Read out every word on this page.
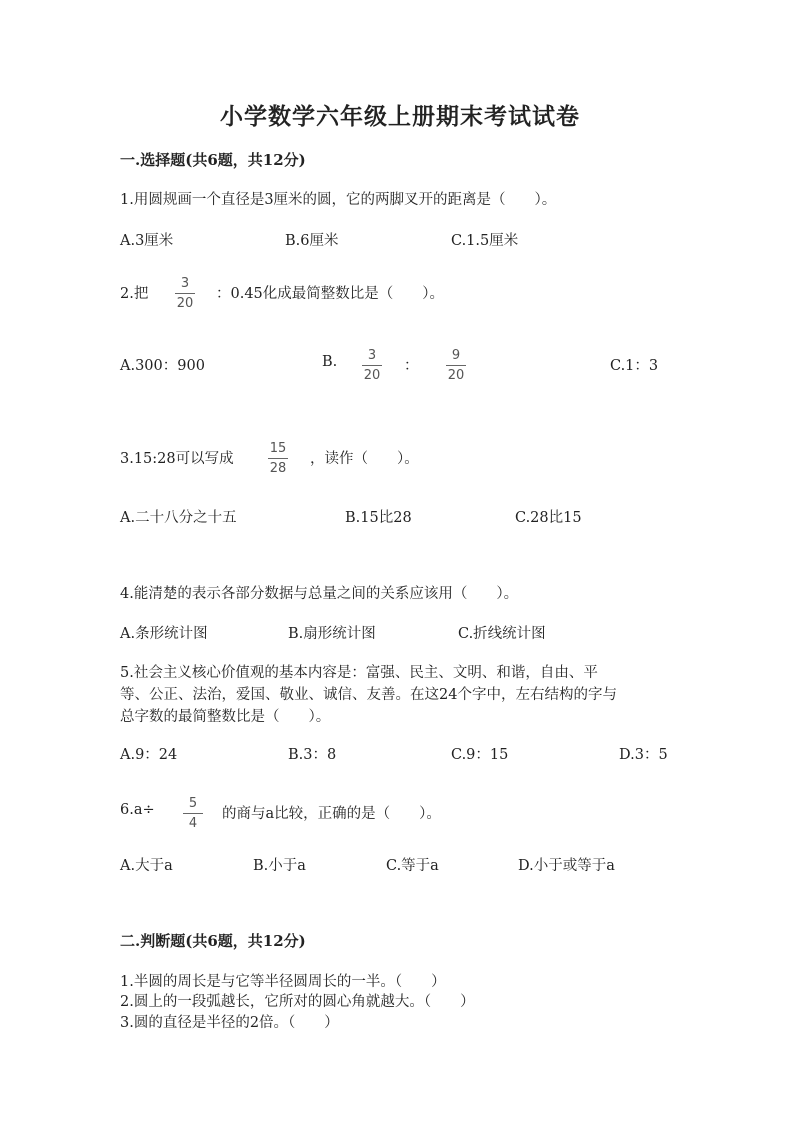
小学数学六年级上册期末考试试卷
一.选择题(共6题，共12分)
1.用圆规画一个直径是3厘米的圆，它的两脚叉开的距离是（　　）。
A.3厘米	B.6厘米	C.1.5厘米
2.把
3
20
：0.45化成最简整数比是（　　）。
A.300：900	B. 3
20
：
9
20
C.1：3
3.15:28可以写成
15
28
，读作（　　）。
A.二十八分之十五	B.15比28	C.28比15
4.能清楚的表示各部分数据与总量之间的关系应该用（　　）。
A.条形统计图	B.扇形统计图	C.折线统计图
5.社会主义核心价值观的基本内容是：富强、民主、文明、和谐，自由、平
等、公正、法治，爱国、敬业、诚信、友善。在这24个字中，左右结构的字与
总字数的最简整数比是（　　）。
A.9：24	B.3：8	C.9：15	D.3：5
6.a÷	5
4
的商与a比较，正确的是（　　）。
A.大于a	B.小于a	C.等于a	D.小于或等于a
二.判断题(共6题，共12分)
1.半圆的周长是与它等半径圆周长的一半。（　　）
2.圆上的一段弧越长，它所对的圆心角就越大。（　　）
3.圆的直径是半径的2倍。（　　）
